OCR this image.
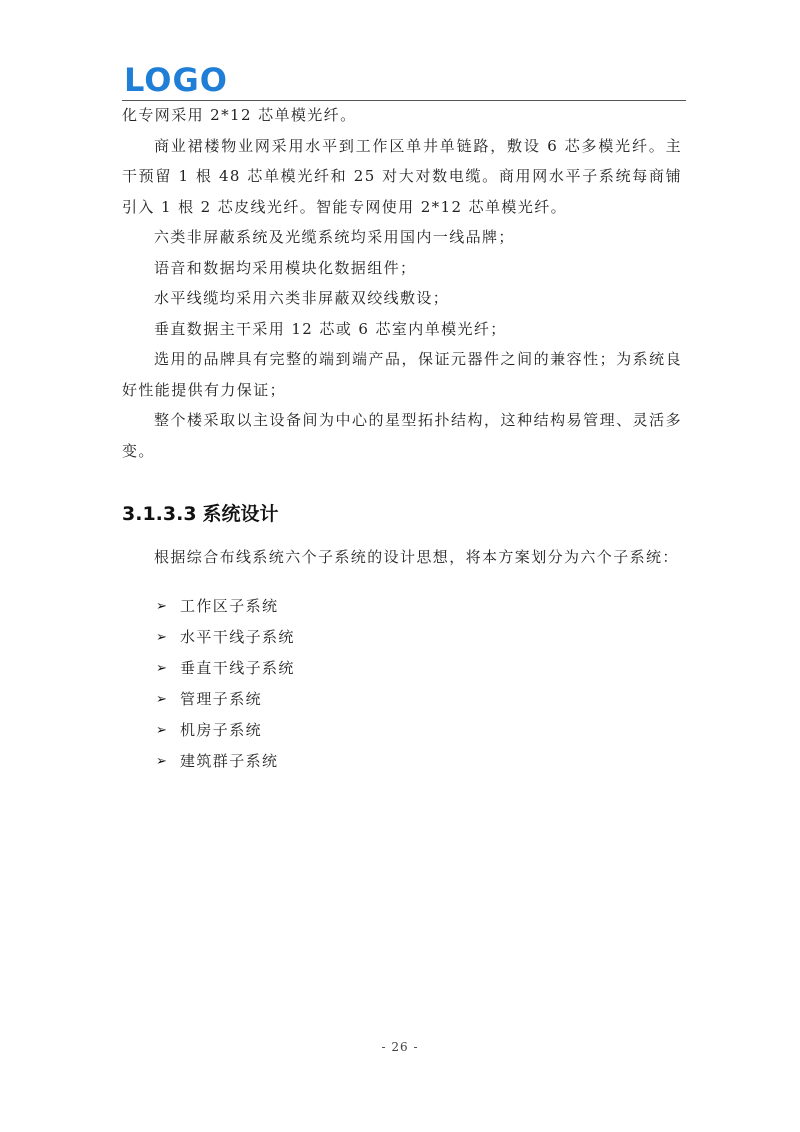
LOGO

化专网采用 2*12 芯单模光纤。

商业裙楼物业网采用水平到工作区单井单链路，敷设 6 芯多模光纤。主干预留 1 根 48 芯单模光纤和 25 对大对数电缆。商用网水平子系统每商铺引入 1 根 2 芯皮线光纤。智能专网使用 2*12 芯单模光纤。

六类非屏蔽系统及光缆系统均采用国内一线品牌；

语音和数据均采用模块化数据组件；

水平线缆均采用六类非屏蔽双绞线敷设；

垂直数据主干采用 12 芯或 6 芯室内单模光纤；

选用的品牌具有完整的端到端产品，保证元器件之间的兼容性；为系统良好性能提供有力保证；

整个楼采取以主设备间为中心的星型拓扑结构，这种结构易管理、灵活多变。

3.1.3.3 系统设计

根据综合布线系统六个子系统的设计思想，将本方案划分为六个子系统：

➢ 工作区子系统
➢ 水平干线子系统
➢ 垂直干线子系统
➢ 管理子系统
➢ 机房子系统
➢ 建筑群子系统
- 26 -
